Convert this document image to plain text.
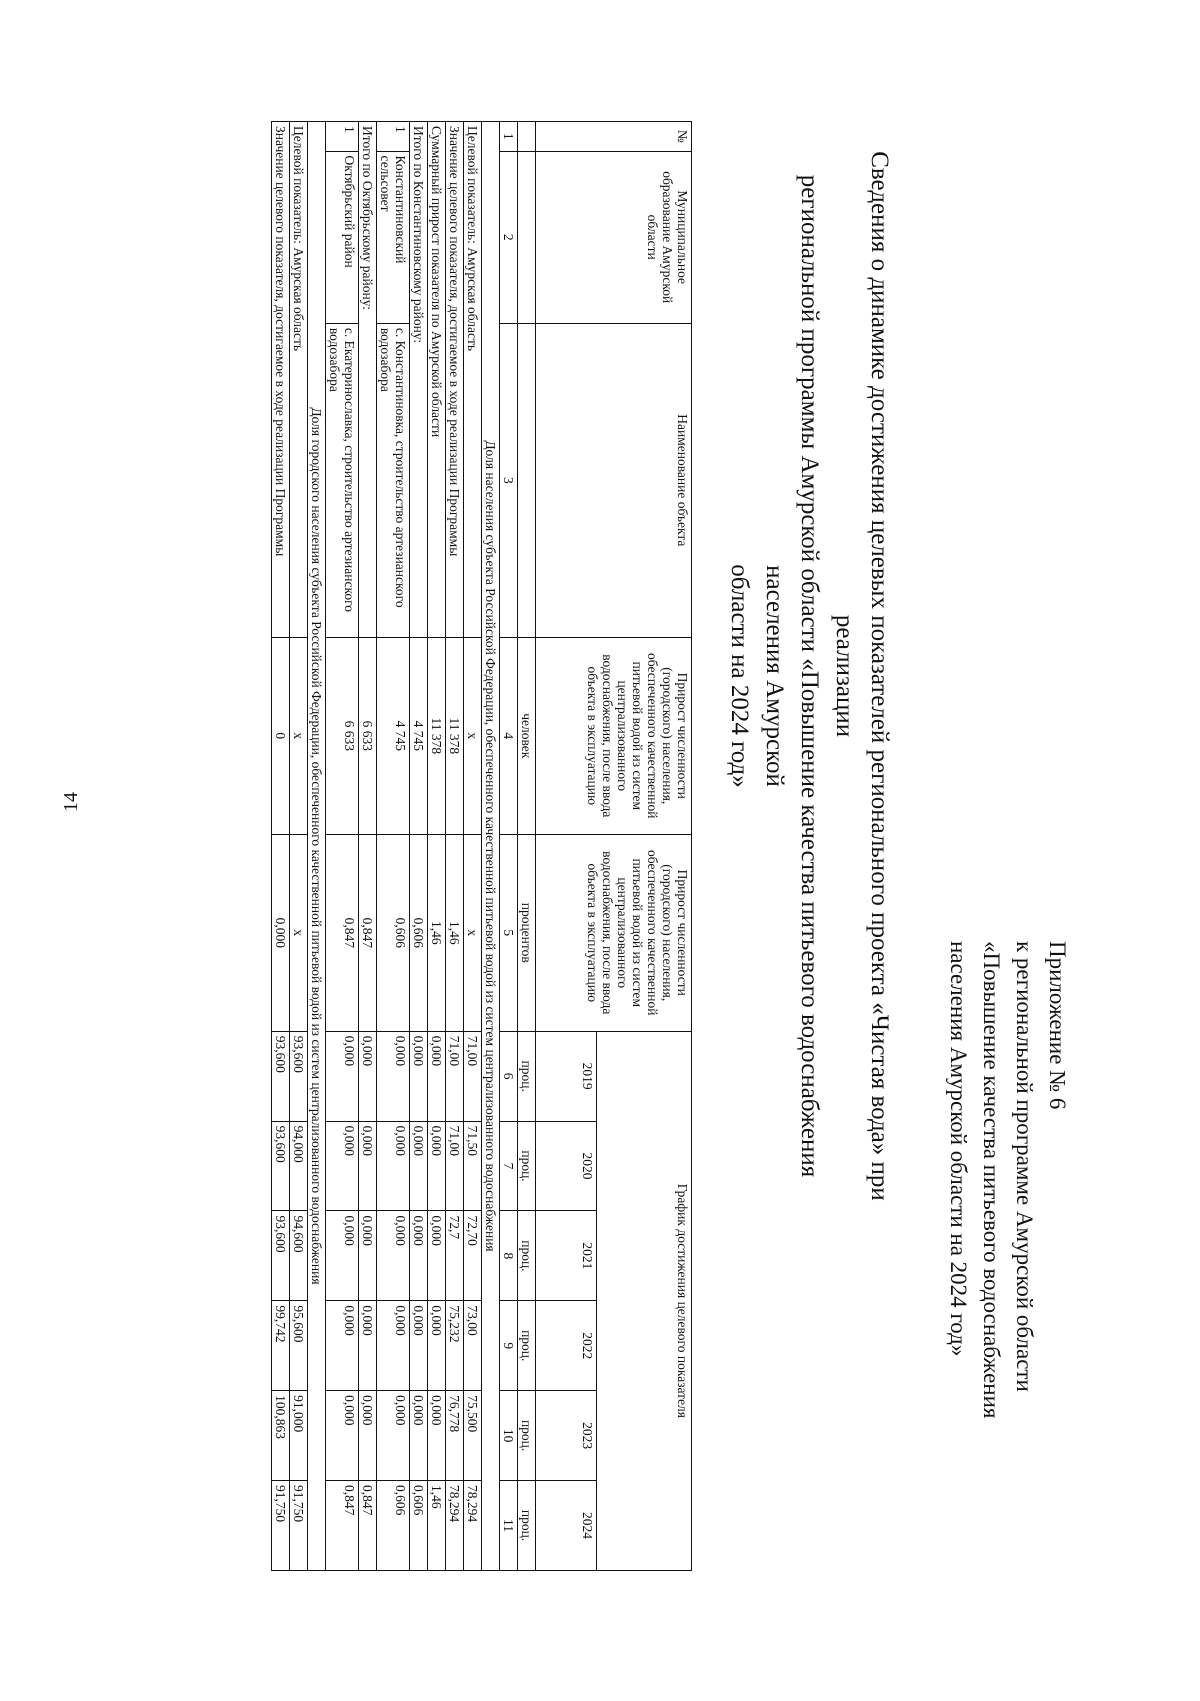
14
Приложение № 6
к региональной программе Амурской области
«Повышение качества питьевого водоснабжения
населения Амурской области на 2024 год»
Сведения о динамике достижения целевых показателей регионального проекта «Чистая вода» при реализации
региональной программы Амурской области «Повышение качества питьевого водоснабжения населения Амурской
области на 2024 год»
№	Муниципальное образование Амурской области	Наименование объекта	Прирост численности (городского) населения, обеспеченного качественной питьевой водой из систем централизованного водоснабжения, после ввода объекта в эксплуатацию	Прирост численности (городского) населения, обеспеченного качественной питьевой водой из систем централизованного водоснабжения, после ввода объекта в эксплуатацию	График достижения целевого показателя					
					2019	2020	2021	2022	2023	2024
			человек	процентов	проц.	проц.	проц.	проц.	проц.	проц.
1	2	3	4	5	6	7	8	9	10	11
Доля населения субъекта Российской Федерации, обеспеченного качественной питьевой водой из систем централизованного водоснабжения										
Целевой показатель: Амурская область			x	x	71,00	71,50	72,70	73,00	75,500	78,294
Значение целевого показателя, достигаемое в ходе реализации Программы			11 378	1,46	71,00	71,00	72,7	75,232	76,778	78,294
Суммарный прирост показателя по Амурской области			11 378	1,46	0,000	0,000	0,000	0,000	0,000	1,46
Итого по Константиновскому району:			4 745	0,606	0,000	0,000	0,000	0,000	0,000	0,606
1	Константиновский сельсовет	с. Константиновка, строительство артезианского водозабора	4 745	0,606	0,000	0,000	0,000	0,000	0,000	0,606
Итого по Октябрьскому району:			6 633	0,847	0,000	0,000	0,000	0,000	0,000	0,847
1	Октябрьский район	с. Екатеринославка, строительство артезианского водозабора	6 633	0,847	0,000	0,000	0,000	0,000	0,000	0,847
Доля городского населения субъекта Российской Федерации, обеспеченного качественной питьевой водой из систем централизованного водоснабжения										
Целевой показатель: Амурская область			x	x	93,600	94,000	94,600	95,600	91,000	91,750
Значение целевого показателя, достигаемое в ходе реализации Программы			0	0,000	93,600	93,600	93,600	99,742	100,863	91,750
